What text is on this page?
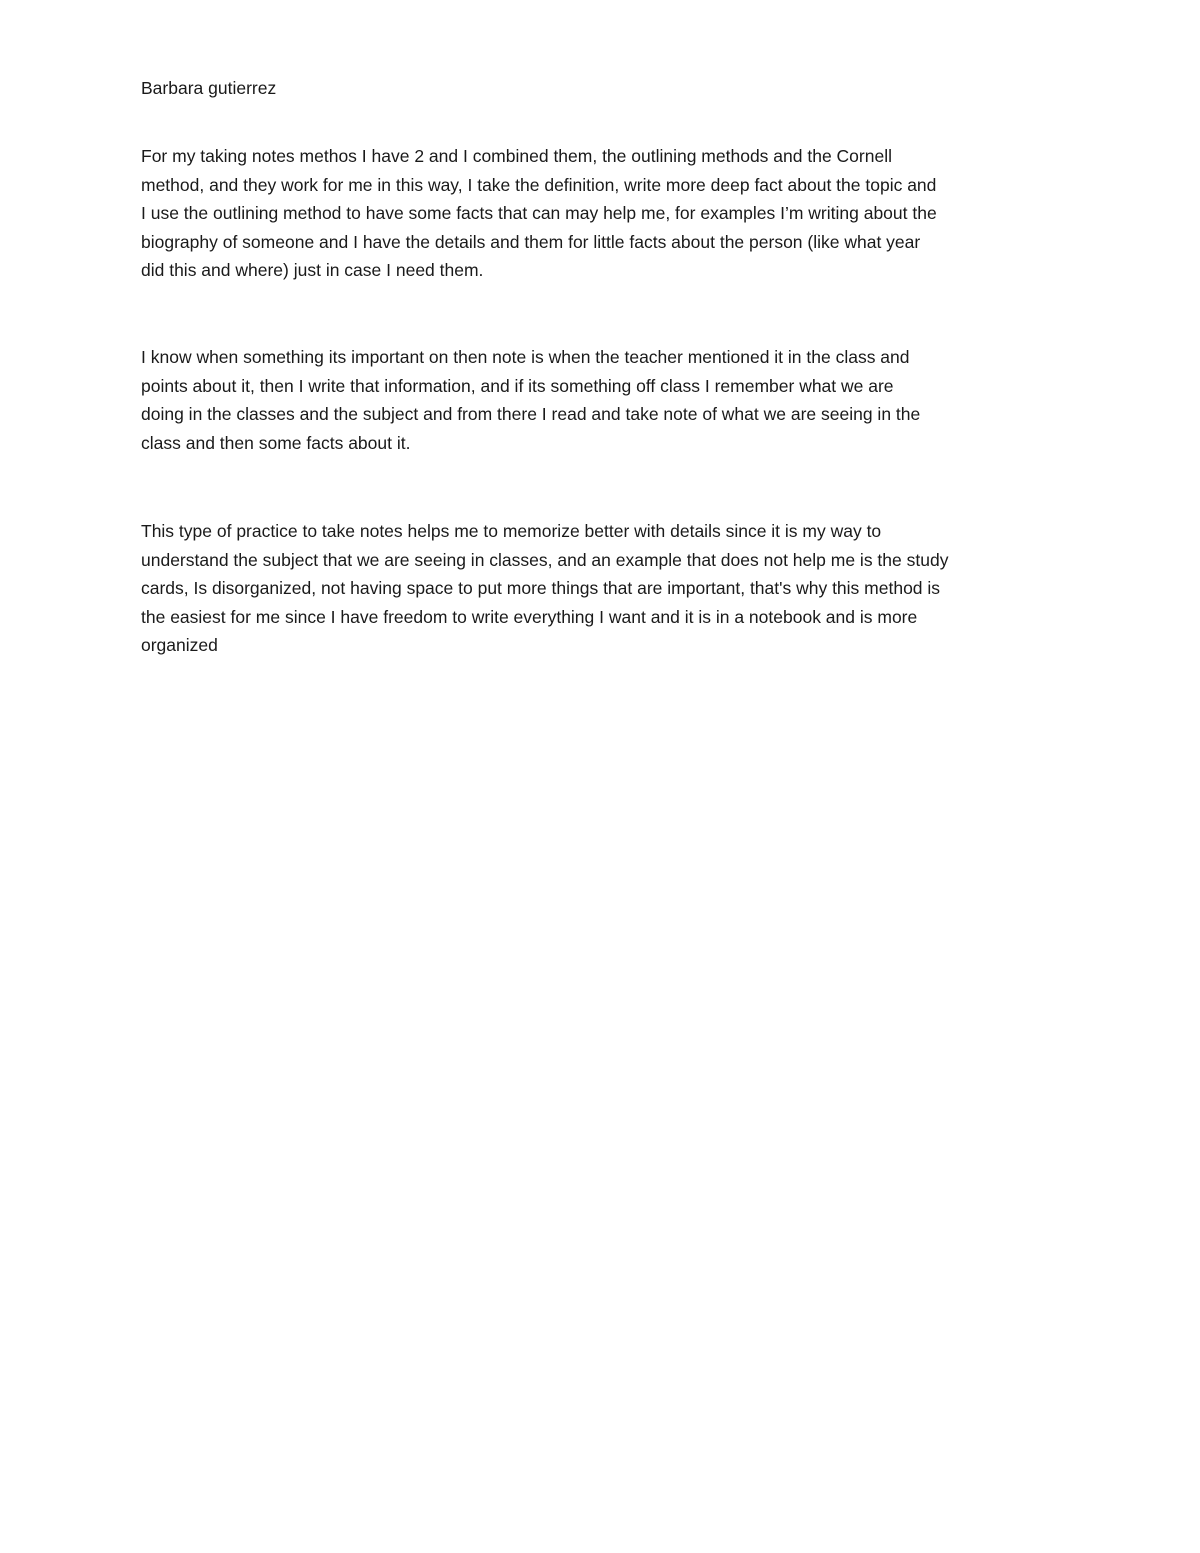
Barbara gutierrez
For my taking notes methos I have 2 and I combined them, the outlining methods and the Cornell
method, and they work for me in this way, I take the definition, write more deep fact about the topic and
I use the outlining method to have some facts that can may help me, for examples I’m writing about the
biography of someone and I have the details and them for little facts about the person (like what year
did this and where) just in case I need them.
I know when something its important on then note is when the teacher mentioned it in the class and
points about it, then I write that information, and if its something off class I remember what we are
doing in the classes and the subject and from there I read and take note of what we are seeing in the
class and then some facts about it.
This type of practice to take notes helps me to memorize better with details since it is my way to
understand the subject that we are seeing in classes, and an example that does not help me is the study
cards, Is disorganized, not having space to put more things that are important, that's why this method is
the easiest for me since I have freedom to write everything I want and it is in a notebook and is more
organized
